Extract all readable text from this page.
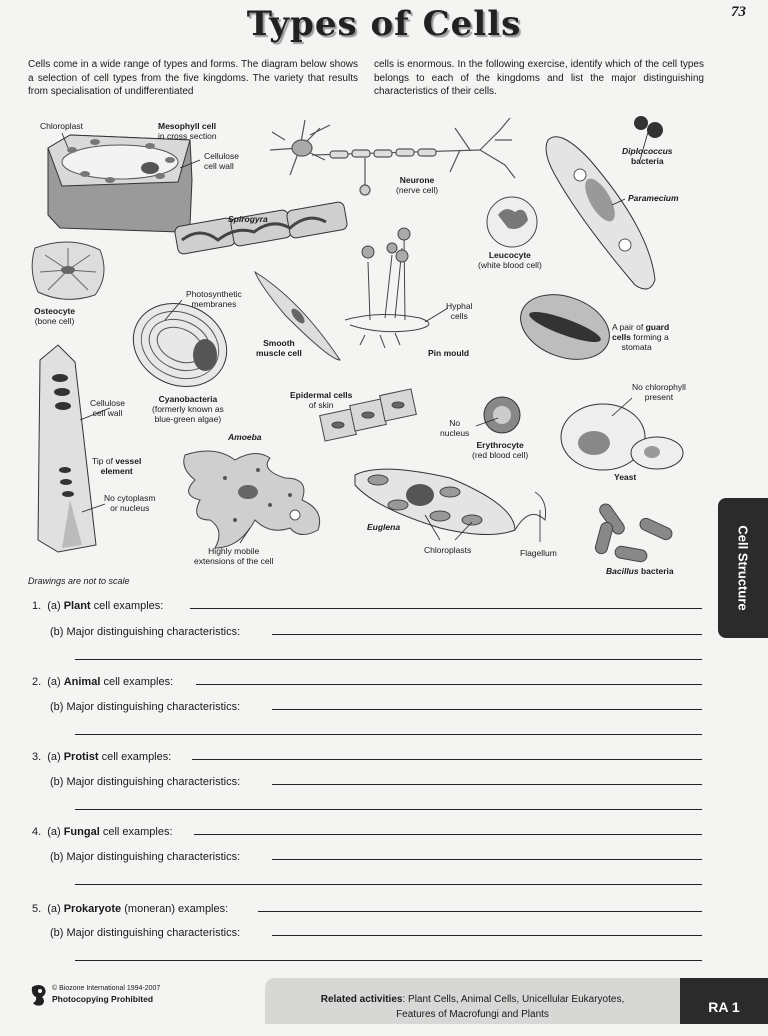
73
Types of Cells
Cells come in a wide range of types and forms. The diagram below shows a selection of cell types from the five kingdoms. The variety that results from specialisation of undifferentiated
cells is enormous. In the following exercise, identify which of the cell types belongs to each of the kingdoms and list the major distinguishing characteristics of their cells.
Chloroplast	Mesophyll cell
in cross section
Cellulose
cell wall
Spirogyra
Neurone
(nerve cell)
Diplococcus
bacteria
Paramecium
Leucocyte
(white blood cell)
Osteocyte
(bone cell)
Photosynthetic
membranes
Smooth
muscle cell
Hyphal
cells
Pin mould
A pair of guard
cells forming a
stomata
Cellulose
cell wall
Cyanobacteria
(formerly known as
blue-green algae)
Epidermal cells
of skin
No chlorophyll
present
Amoeba
No
nucleus
Erythrocyte
(red blood cell)
Tip of vessel
element
Yeast
No cytoplasm
or nucleus
Euglena
Highly mobile
extensions of the cell
Chloroplasts	Flagellum
Bacillus bacteria
Drawings are not to scale
1. (a) Plant cell examples:
(b) Major distinguishing characteristics:
2. (a) Animal cell examples:
(b) Major distinguishing characteristics:
3. (a) Protist cell examples:
(b) Major distinguishing characteristics:
4. (a) Fungal cell examples:
(b) Major distinguishing characteristics:
5. (a) Prokaryote (moneran) examples:
(b) Major distinguishing characteristics:
Cell Structure
© Biozone International 1994-2007
Photocopying Prohibited	Related activities: Plant Cells, Animal Cells, Unicellular Eukaryotes,
Features of Macrofungi and Plants	RA 1
